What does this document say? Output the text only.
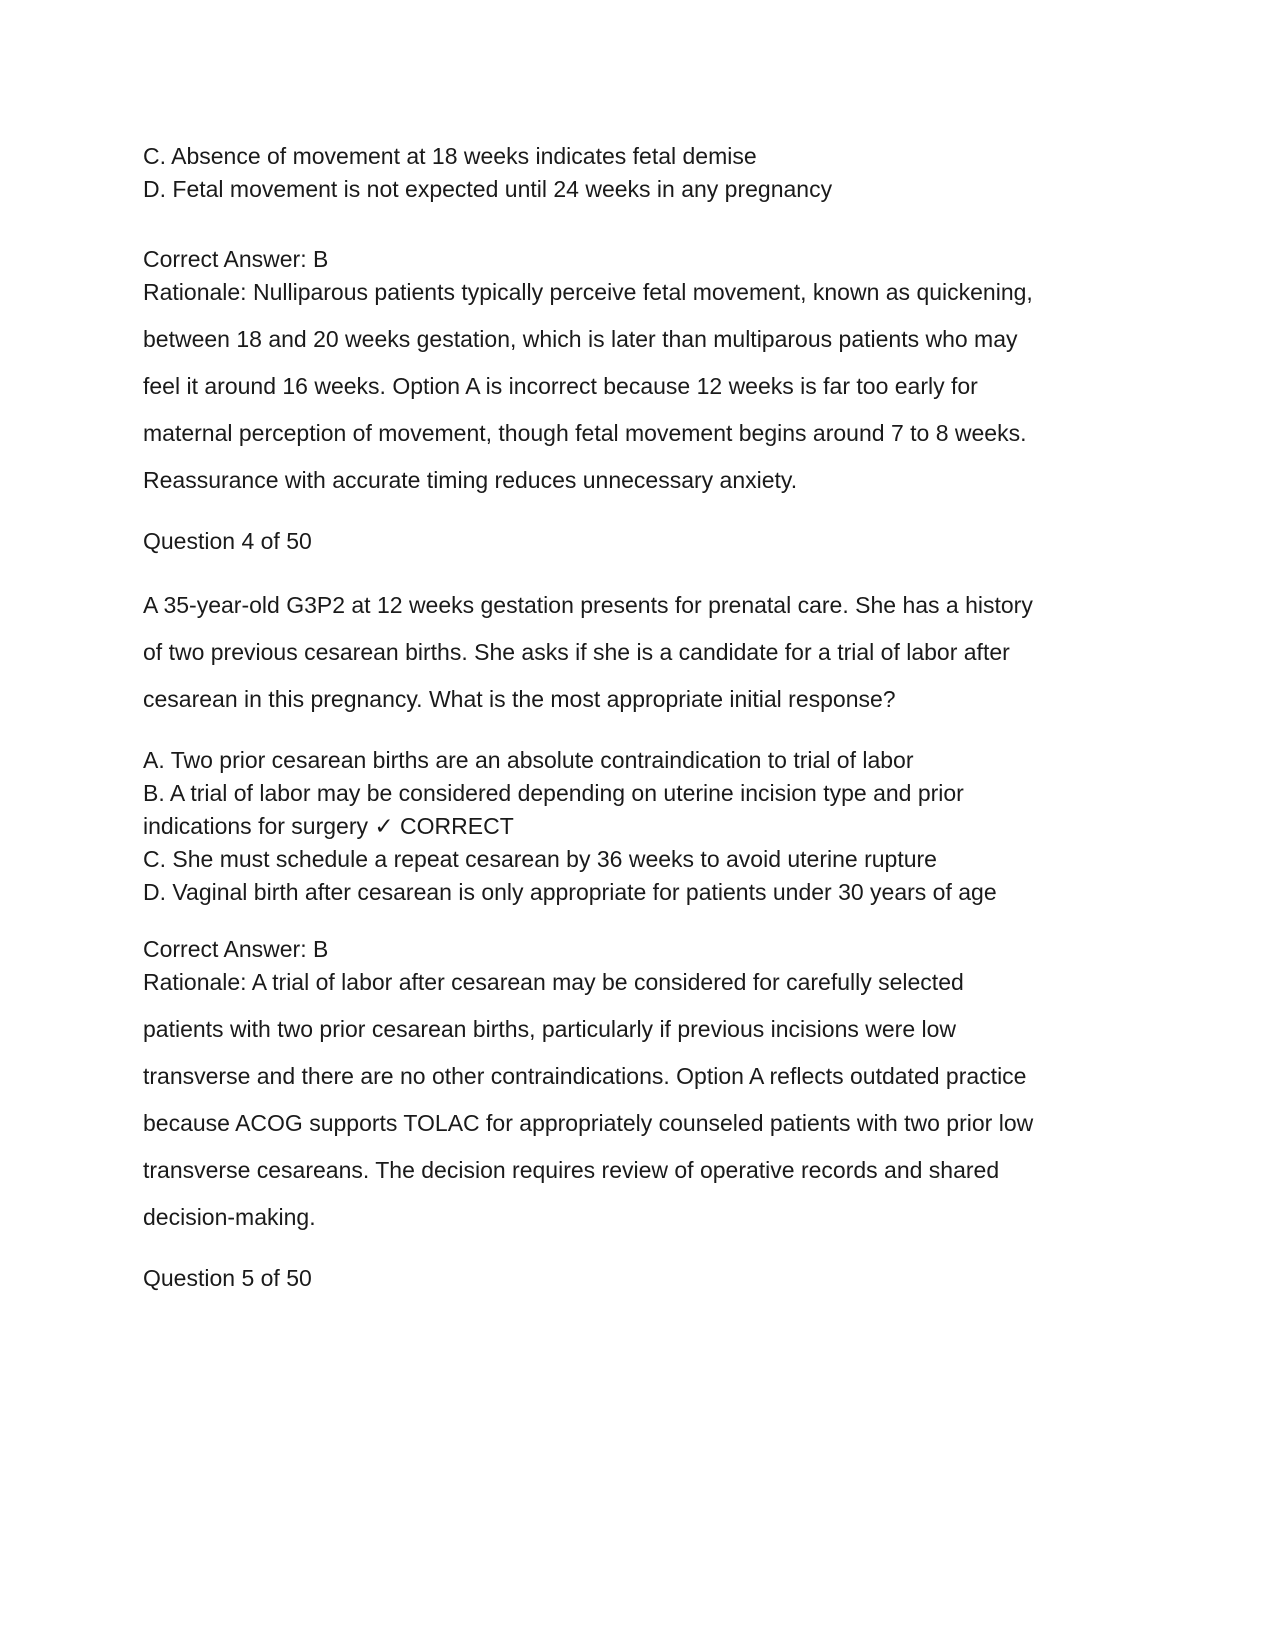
C. Absence of movement at 18 weeks indicates fetal demise
D. Fetal movement is not expected until 24 weeks in any pregnancy
Correct Answer: B
Rationale: Nulliparous patients typically perceive fetal movement, known as quickening,
between 18 and 20 weeks gestation, which is later than multiparous patients who may
feel it around 16 weeks. Option A is incorrect because 12 weeks is far too early for
maternal perception of movement, though fetal movement begins around 7 to 8 weeks.
Reassurance with accurate timing reduces unnecessary anxiety.
Question 4 of 50
A 35-year-old G3P2 at 12 weeks gestation presents for prenatal care. She has a history
of two previous cesarean births. She asks if she is a candidate for a trial of labor after
cesarean in this pregnancy. What is the most appropriate initial response?
A. Two prior cesarean births are an absolute contraindication to trial of labor
B. A trial of labor may be considered depending on uterine incision type and prior
indications for surgery ✓ CORRECT
C. She must schedule a repeat cesarean by 36 weeks to avoid uterine rupture
D. Vaginal birth after cesarean is only appropriate for patients under 30 years of age
Correct Answer: B
Rationale: A trial of labor after cesarean may be considered for carefully selected
patients with two prior cesarean births, particularly if previous incisions were low
transverse and there are no other contraindications. Option A reflects outdated practice
because ACOG supports TOLAC for appropriately counseled patients with two prior low
transverse cesareans. The decision requires review of operative records and shared
decision-making.
Question 5 of 50
